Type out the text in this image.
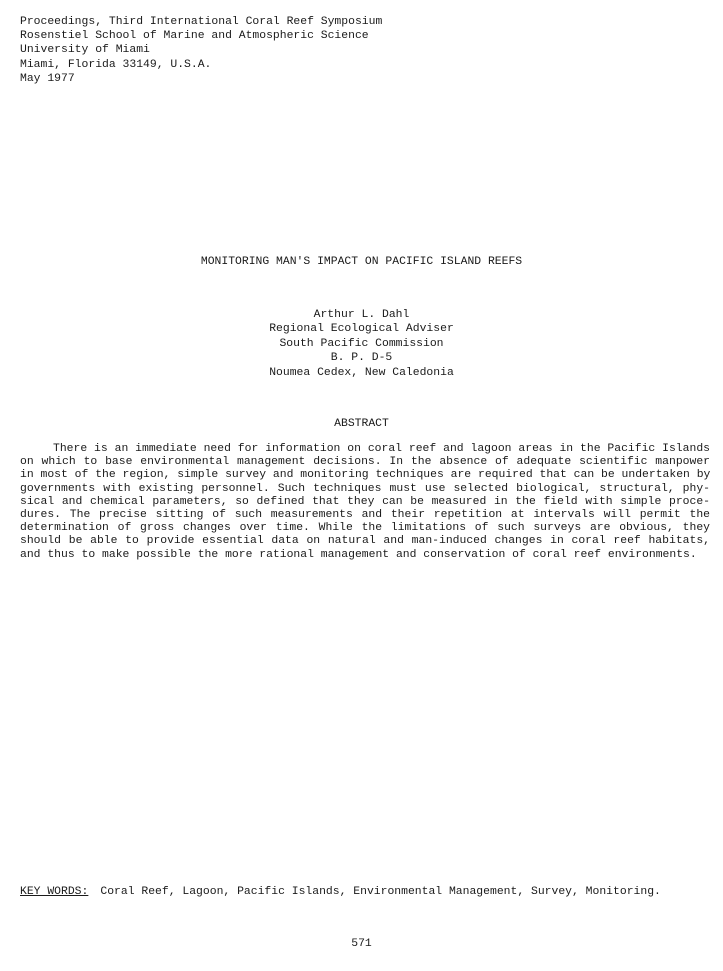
Proceedings, Third International Coral Reef Symposium
Rosenstiel School of Marine and Atmospheric Science
University of Miami
Miami, Florida 33149, U.S.A.
May 1977
MONITORING MAN'S IMPACT ON PACIFIC ISLAND REEFS
Arthur L. Dahl
Regional Ecological Adviser
South Pacific Commission
B. P. D-5
Noumea Cedex, New Caledonia
ABSTRACT
There is an immediate need for information on coral reef and lagoon areas in the Pacific Islands
on which to base environmental management decisions. In the absence of adequate scientific manpower
in most of the region, simple survey and monitoring techniques are required that can be undertaken by
governments with existing personnel. Such techniques must use selected biological, structural, phy-
sical and chemical parameters, so defined that they can be measured in the field with simple proce-
dures. The precise sitting of such measurements and their repetition at intervals will permit the
determination of gross changes over time. While the limitations of such surveys are obvious, they
should be able to provide essential data on natural and man-induced changes in coral reef habitats,
and thus to make possible the more rational management and conservation of coral reef environments.
KEY WORDS: Coral Reef, Lagoon, Pacific Islands, Environmental Management, Survey, Monitoring.
571
